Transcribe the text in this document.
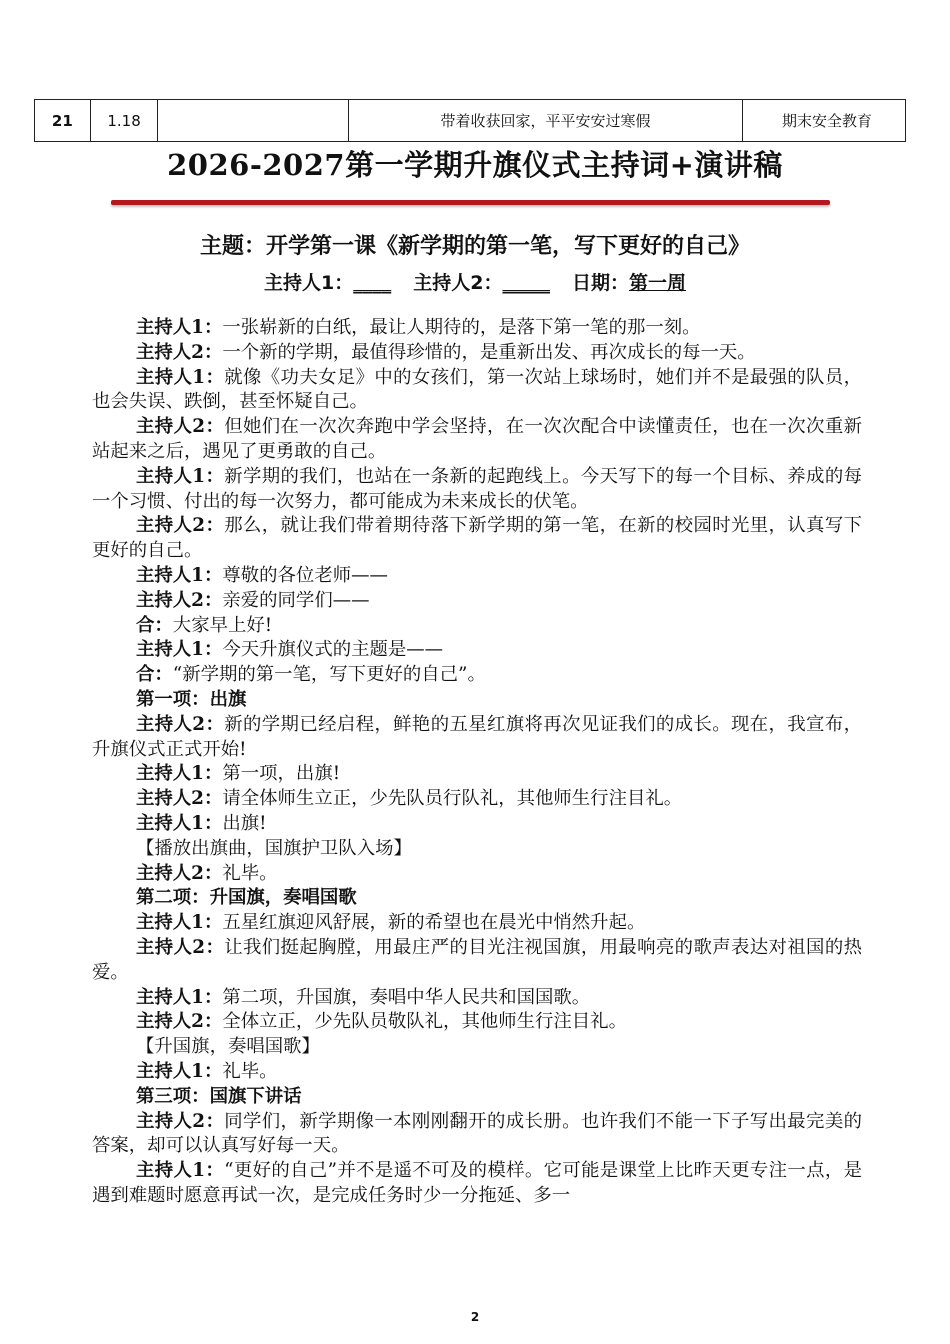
21	1.18		带着收获回家，平平安安过寒假	期末安全教育
2026-2027第一学期升旗仪式主持词+演讲稿
主题：开学第一课《新学期的第一笔，写下更好的自己》
主持人1：____ 主持人2：_____ 日期：第一周

主持人1：一张崭新的白纸，最让人期待的，是落下第一笔的那一刻。

主持人2：一个新的学期，最值得珍惜的，是重新出发、再次成长的每一天。

主持人1：就像《功夫女足》中的女孩们，第一次站上球场时，她们并不是最强的队员，也会失误、跌倒，甚至怀疑自己。

主持人2：但她们在一次次奔跑中学会坚持，在一次次配合中读懂责任，也在一次次重新站起来之后，遇见了更勇敢的自己。

主持人1：新学期的我们，也站在一条新的起跑线上。今天写下的每一个目标、养成的每一个习惯、付出的每一次努力，都可能成为未来成长的伏笔。

主持人2：那么，就让我们带着期待落下新学期的第一笔，在新的校园时光里，认真写下更好的自己。

主持人1：尊敬的各位老师——

主持人2：亲爱的同学们——

合：大家早上好!

主持人1：今天升旗仪式的主题是——

合：“新学期的第一笔，写下更好的自己”。

第一项：出旗

主持人2：新的学期已经启程，鲜艳的五星红旗将再次见证我们的成长。现在，我宣布，升旗仪式正式开始!

主持人1：第一项，出旗!

主持人2：请全体师生立正，少先队员行队礼，其他师生行注目礼。

主持人1：出旗!

【播放出旗曲，国旗护卫队入场】

主持人2：礼毕。

第二项：升国旗，奏唱国歌

主持人1：五星红旗迎风舒展，新的希望也在晨光中悄然升起。

主持人2：让我们挺起胸膛，用最庄严的目光注视国旗，用最响亮的歌声表达对祖国的热爱。

主持人1：第二项，升国旗，奏唱中华人民共和国国歌。

主持人2：全体立正，少先队员敬队礼，其他师生行注目礼。

【升国旗，奏唱国歌】

主持人1：礼毕。

第三项：国旗下讲话

主持人2：同学们，新学期像一本刚刚翻开的成长册。也许我们不能一下子写出最完美的答案，却可以认真写好每一天。

主持人1：“更好的自己”并不是遥不可及的模样。它可能是课堂上比昨天更专注一点，是遇到难题时愿意再试一次，是完成任务时少一分拖延、多一

2
